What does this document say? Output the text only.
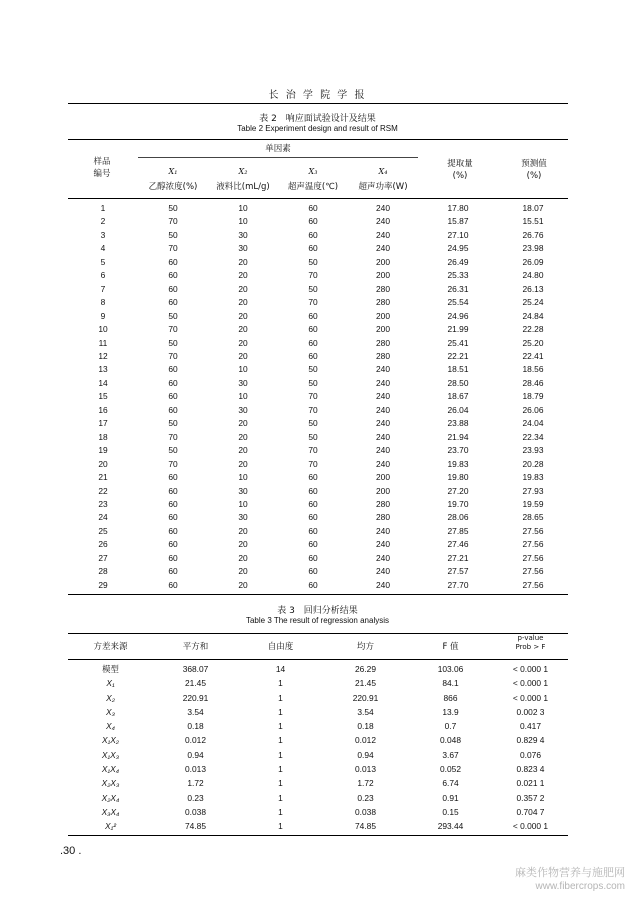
长 治 学 院 学 报
表 2　响应面试验设计及结果
Table 2 Experiment design and result of RSM
样品
编号
单因素
X₁	X₂	X₃	X₄
乙醇浓度(%)	液料比(mL/g)	超声温度(℃)	超声功率(W)
提取量
(%)
预测值
(%)
1	50	10	60	240	17.80	18.07
2	70	10	60	240	15.87	15.51
3	50	30	60	240	27.10	26.76
4	70	30	60	240	24.95	23.98
5	60	20	50	200	26.49	26.09
6	60	20	70	200	25.33	24.80
7	60	20	50	280	26.31	26.13
8	60	20	70	280	25.54	25.24
9	50	20	60	200	24.96	24.84
10	70	20	60	200	21.99	22.28
11	50	20	60	280	25.41	25.20
12	70	20	60	280	22.21	22.41
13	60	10	50	240	18.51	18.56
14	60	30	50	240	28.50	28.46
15	60	10	70	240	18.67	18.79
16	60	30	70	240	26.04	26.06
17	50	20	50	240	23.88	24.04
18	70	20	50	240	21.94	22.34
19	50	20	70	240	23.70	23.93
20	70	20	70	240	19.83	20.28
21	60	10	60	200	19.80	19.83
22	60	30	60	200	27.20	27.93
23	60	10	60	280	19.70	19.59
24	60	30	60	280	28.06	28.65
25	60	20	60	240	27.85	27.56
26	60	20	60	240	27.46	27.56
27	60	20	60	240	27.21	27.56
28	60	20	60	240	27.57	27.56
29	60	20	60	240	27.70	27.56
表 3　回归分析结果
Table 3 The result of regression analysis
方差来源	平方和	自由度	均方	F 值
p-value
Prob > F
模型	368.07	14	26.29	103.06	< 0.000 1
X₁	21.45	1	21.45	84.1	< 0.000 1
X₂	220.91	1	220.91	866	< 0.000 1
X₃	3.54	1	3.54	13.9	0.002 3
X₄	0.18	1	0.18	0.7	0.417
X₁X₂	0.012	1	0.012	0.048	0.829 4
X₁X₃	0.94	1	0.94	3.67	0.076
X₁X₄	0.013	1	0.013	0.052	0.823 4
X₂X₃	1.72	1	1.72	6.74	0.021 1
X₂X₄	0.23	1	0.23	0.91	0.357 2
X₃X₄	0.038	1	0.038	0.15	0.704 7
X₁²	74.85	1	74.85	293.44	< 0.000 1
.30 .
麻类作物营养与施肥网
www.fibercrops.com
